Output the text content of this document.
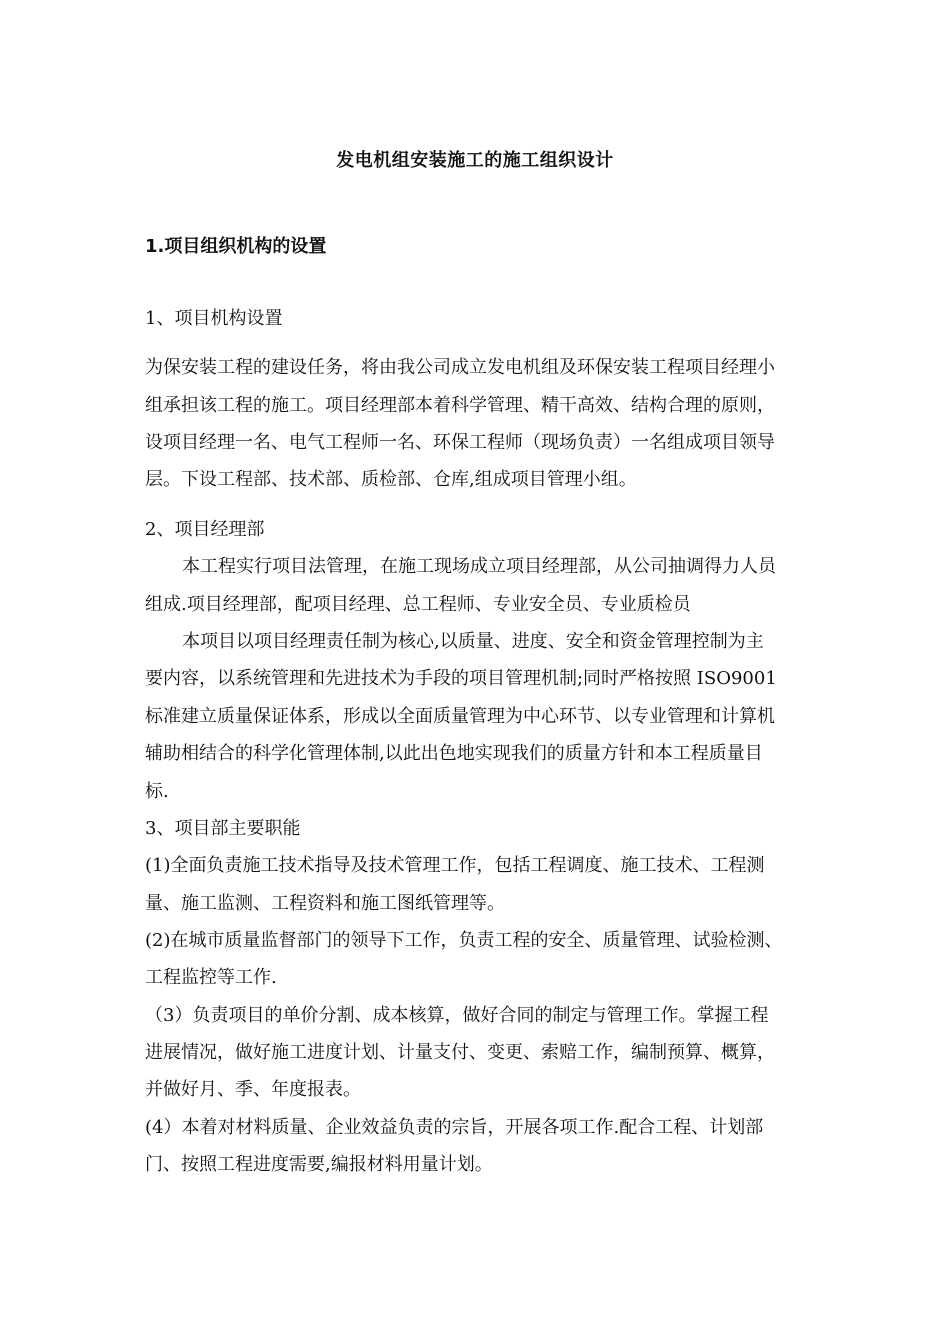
发电机组安装施工的施工组织设计
1.项目组织机构的设置
1、项目机构设置
为保安装工程的建设任务，将由我公司成立发电机组及环保安装工程项目经理小
组承担该工程的施工。项目经理部本着科学管理、精干高效、结构合理的原则，
设项目经理一名、电气工程师一名、环保工程师（现场负责）一名组成项目领导
层。下设工程部、技术部、质检部、仓库,组成项目管理小组。
2、项目经理部
本工程实行项目法管理，在施工现场成立项目经理部，从公司抽调得力人员
组成.项目经理部，配项目经理、总工程师、专业安全员、专业质检员
本项目以项目经理责任制为核心,以质量、进度、安全和资金管理控制为主
要内容，以系统管理和先进技术为手段的项目管理机制;同时严格按照 ISO9001
标准建立质量保证体系，形成以全面质量管理为中心环节、以专业管理和计算机
辅助相结合的科学化管理体制,以此出色地实现我们的质量方针和本工程质量目
标.
3、项目部主要职能
(1)全面负责施工技术指导及技术管理工作，包括工程调度、施工技术、工程测
量、施工监测、工程资料和施工图纸管理等。
(2)在城市质量监督部门的领导下工作，负责工程的安全、质量管理、试验检测、
工程监控等工作.
（3）负责项目的单价分割、成本核算，做好合同的制定与管理工作。掌握工程
进展情况，做好施工进度计划、计量支付、变更、索赔工作，编制预算、概算，
并做好月、季、年度报表。
(4）本着对材料质量、企业效益负责的宗旨，开展各项工作.配合工程、计划部
门、按照工程进度需要,编报材料用量计划。
